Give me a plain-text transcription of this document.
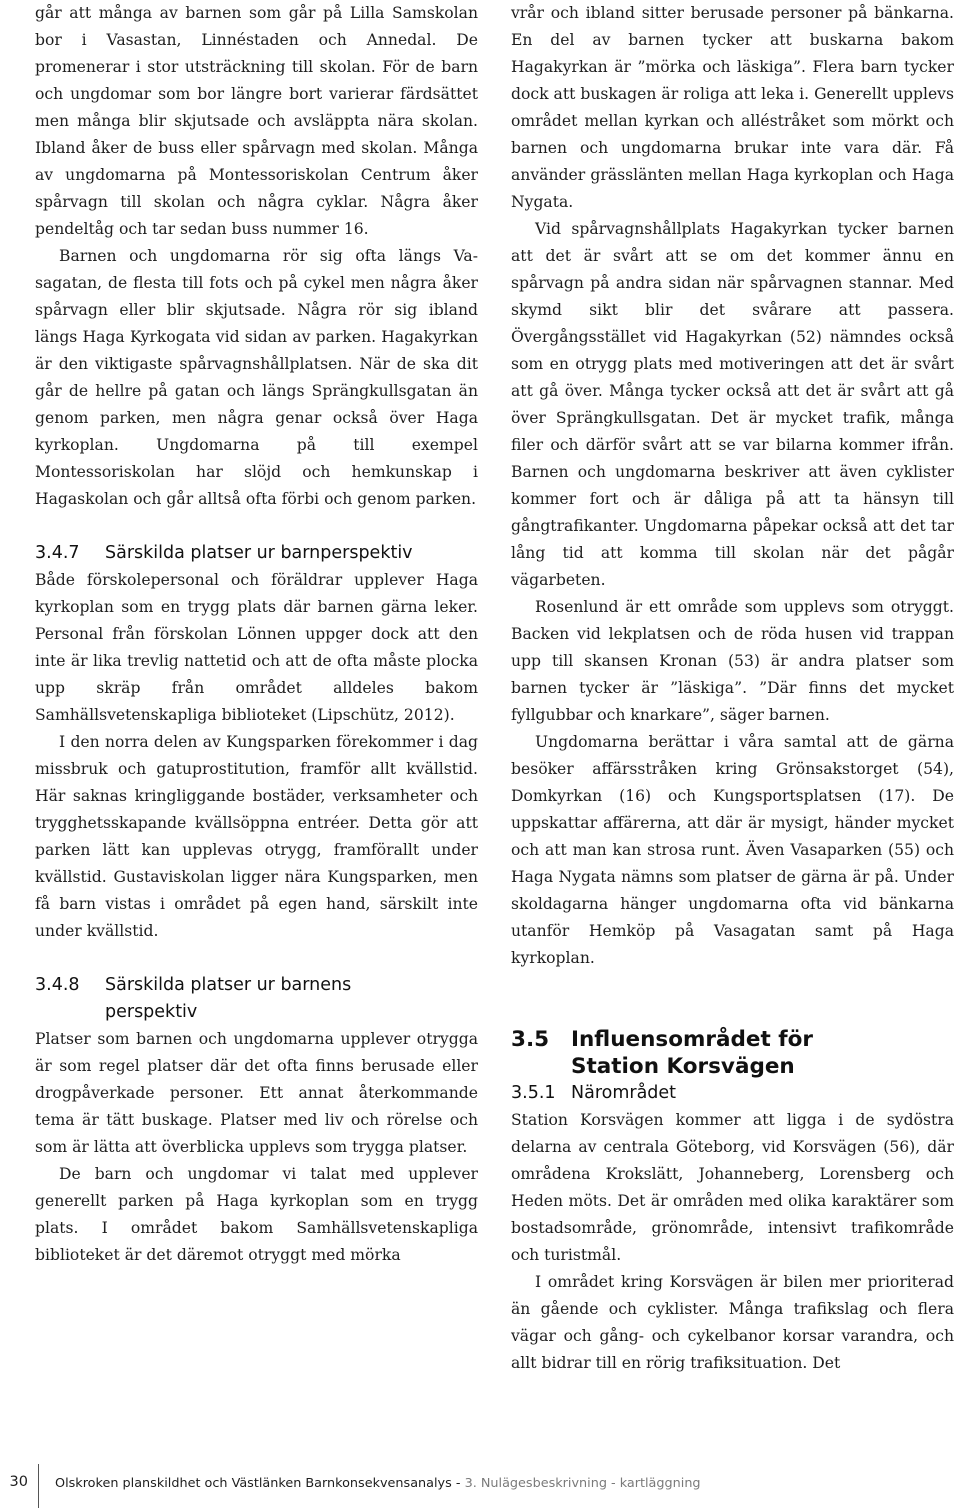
går att många av barnen som går på Lilla Samskolan bor i Vasastan, Linnéstaden och Annedal. De promenerar i stor utsträckning till skolan. För de barn och ungdomar som bor längre bort varierar färdsättet men många blir skjutsade och avsläppta nära skolan. Ibland åker de buss eller spårvagn med skolan. Många av ungdomarna på Montessoriskolan Centrum åker spårvagn till skolan och några cyklar. Några åker pendeltåg och tar sedan buss nummer 16.

Barnen och ungdomarna rör sig ofta längs Vasagatan, de flesta till fots och på cykel men några åker spårvagn eller blir skjutsade. Några rör sig ibland längs Haga Kyrkogata vid sidan av parken. Hagakyrkan är den viktigaste spårvagnshållplatsen. När de ska dit går de hellre på gatan och längs Sprängkullsgatan än genom parken, men några genar också över Haga kyrkoplan. Ungdomarna på till exempel Montessoriskolan har slöjd och hemkunskap i Hagaskolan och går alltså ofta förbi och genom parken.

3.4.7 Särskilda platser ur barnperspektiv

Både förskolepersonal och föräldrar upplever Haga kyrkoplan som en trygg plats där barnen gärna leker. Personal från förskolan Lönnen uppger dock att den inte är lika trevlig nattetid och att de ofta måste plocka upp skräp från området alldeles bakom Samhällsvetenskapliga biblioteket (Lipschütz, 2012).

I den norra delen av Kungsparken förekommer i dag missbruk och gatuprostitution, framför allt kvällstid. Här saknas kringliggande bostäder, verksamheter och trygghetsskapande kvällsöppna entréer. Detta gör att parken lätt kan upplevas otrygg, framförallt under kvällstid. Gustaviskolan ligger nära Kungsparken, men få barn vistas i området på egen hand, särskilt inte under kvällstid.

3.4.8 Särskilda platser ur barnens
perspektiv

Platser som barnen och ungdomarna upplever otrygga är som regel platser där det ofta finns berusade eller drogpåverkade personer. Ett annat återkommande tema är tätt buskage. Platser med liv och rörelse och som är lätta att överblicka upplevs som trygga platser.

De barn och ungdomar vi talat med upplever generellt parken på Haga kyrkoplan som en trygg plats. I området bakom Samhällsvetenskapliga biblioteket är det däremot otryggt med mörka

vrår och ibland sitter berusade personer på bänkarna. En del av barnen tycker att buskarna bakom Hagakyrkan är ”mörka och läskiga”. Flera barn tycker dock att buskagen är roliga att leka i. Generellt upplevs området mellan kyrkan och alléstråket som mörkt och barnen och ungdomarna brukar inte vara där. Få använder grässlänten mellan Haga kyrkoplan och Haga Nygata.

Vid spårvagnshållplats Hagakyrkan tycker barnen att det är svårt att se om det kommer ännu en spårvagn på andra sidan när spårvagnen stannar. Med skymd sikt blir det svårare att passera. Övergångsstället vid Hagakyrkan (52) nämndes också som en otrygg plats med motiveringen att det är svårt att gå över. Många tycker också att det är svårt att gå över Sprängkullsgatan. Det är mycket trafik, många filer och därför svårt att se var bilarna kommer ifrån. Barnen och ungdomarna beskriver att även cyklister kommer fort och är dåliga på att ta hänsyn till gångtrafikanter. Ungdomarna påpekar också att det tar lång tid att komma till skolan när det pågår vägarbeten.

Rosenlund är ett område som upplevs som otryggt. Backen vid lekplatsen och de röda husen vid trappan upp till skansen Kronan (53) är andra platser som barnen tycker är ”läskiga”. ”Där finns det mycket fyllgubbar och knarkare”, säger barnen.

Ungdomarna berättar i våra samtal att de gärna besöker affärsstråken kring Grönsakstorget (54), Domkyrkan (16) och Kungsportsplatsen (17). De uppskattar affärerna, att där är mysigt, händer mycket och att man kan strosa runt. Även Vasaparken (55) och Haga Nygata nämns som platser de gärna är på. Under skoldagarna hänger ungdomarna ofta vid bänkarna utanför Hemköp på Vasagatan samt på Haga kyrkoplan.

3.5 Influensområdet för
Station Korsvägen
3.5.1 Närområdet

Station Korsvägen kommer att ligga i de sydöstra delarna av centrala Göteborg, vid Korsvägen (56), där områdena Krokslätt, Johanneberg, Lorensberg och Heden möts. Det är områden med olika karaktärer som bostadsområde, grönområde, intensivt trafikområde och turistmål.

I området kring Korsvägen är bilen mer prioriterad än gående och cyklister. Många trafikslag och flera vägar och gång- och cykelbanor korsar varandra, och allt bidrar till en rörig trafiksituation. Det

30 Olskroken planskildhet och Västlänken Barnkonsekvensanalys - 3. Nulägesbeskrivning - kartläggning
